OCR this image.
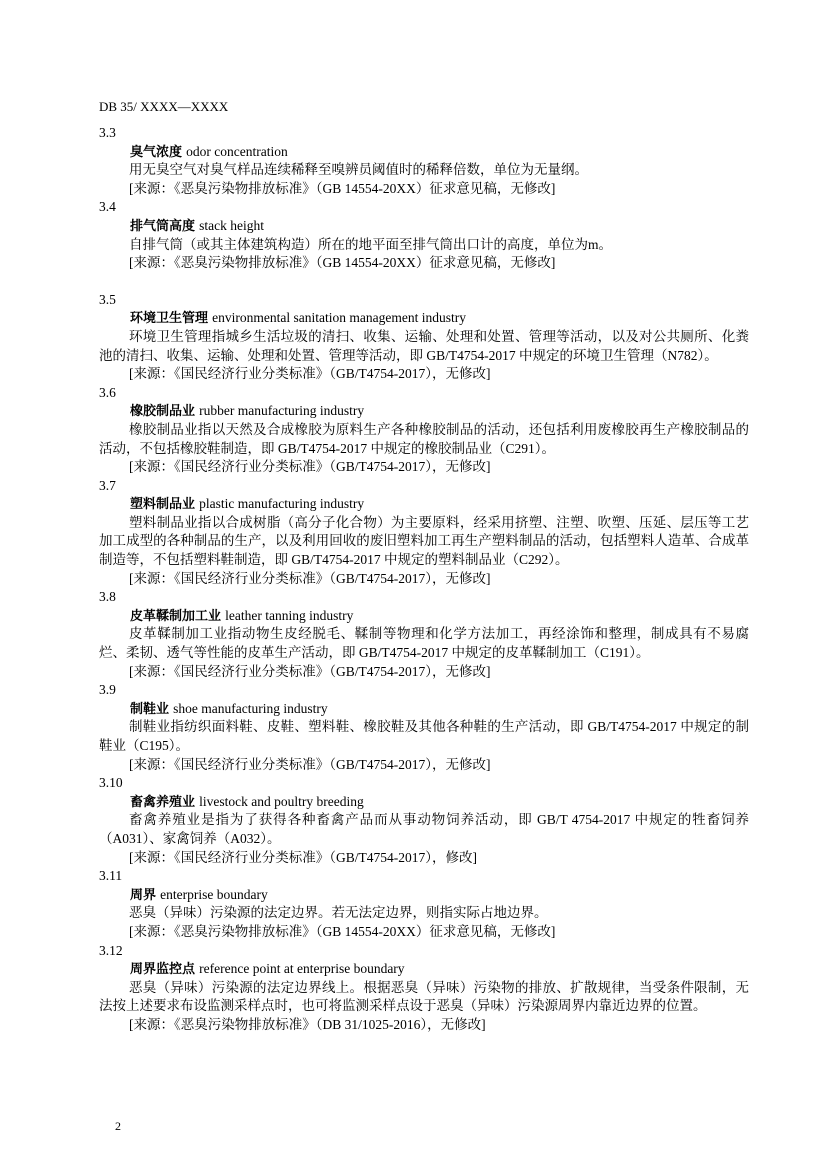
DB 35/ XXXX—XXXX
3.3
臭气浓度 odor concentration
用无臭空气对臭气样品连续稀释至嗅辨员阈值时的稀释倍数，单位为无量纲。
[来源：《恶臭污染物排放标准》（GB 14554-20XX）征求意见稿，无修改]
3.4
排气筒高度 stack height
自排气筒（或其主体建筑构造）所在的地平面至排气筒出口计的高度，单位为m。
[来源：《恶臭污染物排放标准》（GB 14554-20XX）征求意见稿，无修改]
3.5
环境卫生管理 environmental sanitation management industry
环境卫生管理指城乡生活垃圾的清扫、收集、运输、处理和处置、管理等活动，以及对公共厕所、化粪池的清扫、收集、运输、处理和处置、管理等活动，即 GB/T4754-2017 中规定的环境卫生管理（N782）。
[来源：《国民经济行业分类标准》（GB/T4754-2017），无修改]
3.6
橡胶制品业 rubber manufacturing industry
橡胶制品业指以天然及合成橡胶为原料生产各种橡胶制品的活动，还包括利用废橡胶再生产橡胶制品的活动，不包括橡胶鞋制造，即 GB/T4754-2017 中规定的橡胶制品业（C291）。
[来源：《国民经济行业分类标准》（GB/T4754-2017），无修改]
3.7
塑料制品业 plastic manufacturing industry
塑料制品业指以合成树脂（高分子化合物）为主要原料，经采用挤塑、注塑、吹塑、压延、层压等工艺加工成型的各种制品的生产，以及利用回收的废旧塑料加工再生产塑料制品的活动，包括塑料人造革、合成革制造等，不包括塑料鞋制造，即 GB/T4754-2017 中规定的塑料制品业（C292）。
[来源：《国民经济行业分类标准》（GB/T4754-2017），无修改]
3.8
皮革鞣制加工业 leather tanning industry
皮革鞣制加工业指动物生皮经脱毛、鞣制等物理和化学方法加工，再经涂饰和整理，制成具有不易腐烂、柔韧、透气等性能的皮革生产活动，即 GB/T4754-2017 中规定的皮革鞣制加工（C191）。
[来源：《国民经济行业分类标准》（GB/T4754-2017），无修改]
3.9
制鞋业 shoe manufacturing industry
制鞋业指纺织面料鞋、皮鞋、塑料鞋、橡胶鞋及其他各种鞋的生产活动，即 GB/T4754-2017 中规定的制鞋业（C195）。
[来源：《国民经济行业分类标准》（GB/T4754-2017），无修改]
3.10
畜禽养殖业 livestock and poultry breeding
畜禽养殖业是指为了获得各种畜禽产品而从事动物饲养活动，即 GB/T 4754-2017 中规定的牲畜饲养（A031）、家禽饲养（A032）。
[来源：《国民经济行业分类标准》（GB/T4754-2017），修改]
3.11
周界 enterprise boundary
恶臭（异味）污染源的法定边界。若无法定边界，则指实际占地边界。
[来源：《恶臭污染物排放标准》（GB 14554-20XX）征求意见稿，无修改]
3.12
周界监控点 reference point at enterprise boundary
恶臭（异味）污染源的法定边界线上。根据恶臭（异味）污染物的排放、扩散规律，当受条件限制，无法按上述要求布设监测采样点时，也可将监测采样点设于恶臭（异味）污染源周界内靠近边界的位置。
[来源：《恶臭污染物排放标准》（DB 31/1025-2016），无修改]
2
